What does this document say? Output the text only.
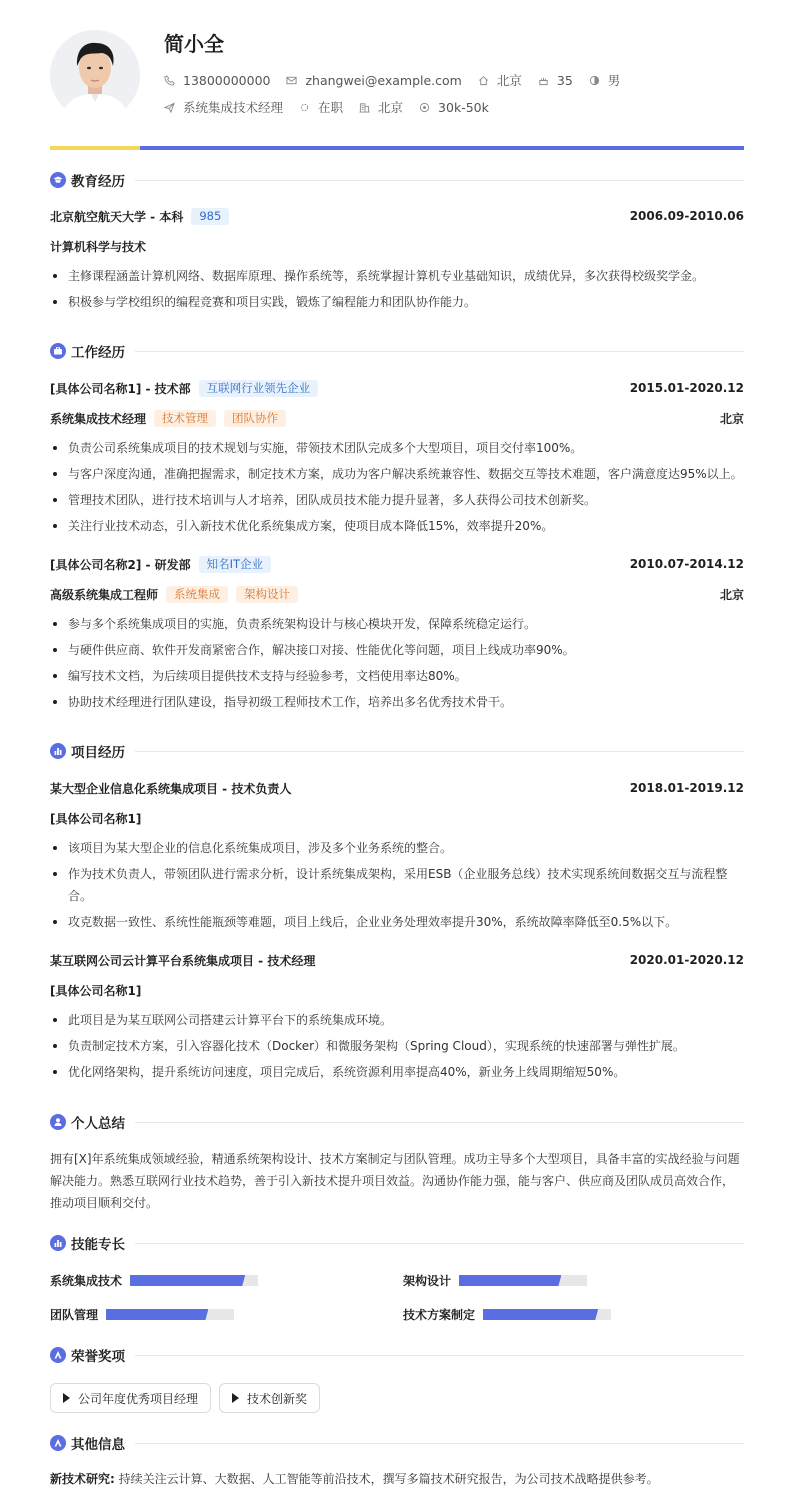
简小全
13800000000	zhangwei@example.com	北京	35	男
系统集成技术经理	在职	北京	30k-50k
教育经历
北京航空航天大学 - 本科	985	2006.09-2010.06
计算机科学与技术
主修课程涵盖计算机网络、数据库原理、操作系统等，系统掌握计算机专业基础知识，成绩优异，多次获得校级奖学金。
积极参与学校组织的编程竞赛和项目实践，锻炼了编程能力和团队协作能力。
工作经历
[具体公司名称1] - 技术部	互联网行业领先企业	2015.01-2020.12
系统集成技术经理	技术管理	团队协作	北京
负责公司系统集成项目的技术规划与实施，带领技术团队完成多个大型项目，项目交付率100%。
与客户深度沟通，准确把握需求，制定技术方案，成功为客户解决系统兼容性、数据交互等技术难题，客户满意度达95%以上。
管理技术团队，进行技术培训与人才培养，团队成员技术能力提升显著，多人获得公司技术创新奖。
关注行业技术动态，引入新技术优化系统集成方案，使项目成本降低15%，效率提升20%。
[具体公司名称2] - 研发部	知名IT企业	2010.07-2014.12
高级系统集成工程师	系统集成	架构设计	北京
参与多个系统集成项目的实施，负责系统架构设计与核心模块开发，保障系统稳定运行。
与硬件供应商、软件开发商紧密合作，解决接口对接、性能优化等问题，项目上线成功率90%。
编写技术文档，为后续项目提供技术支持与经验参考，文档使用率达80%。
协助技术经理进行团队建设，指导初级工程师技术工作，培养出多名优秀技术骨干。
项目经历
某大型企业信息化系统集成项目 - 技术负责人	2018.01-2019.12
[具体公司名称1]
该项目为某大型企业的信息化系统集成项目，涉及多个业务系统的整合。
作为技术负责人，带领团队进行需求分析，设计系统集成架构，采用ESB（企业服务总线）技术实现系统间数据交互与流程整合。
攻克数据一致性、系统性能瓶颈等难题，项目上线后，企业业务处理效率提升30%，系统故障率降低至0.5%以下。
某互联网公司云计算平台系统集成项目 - 技术经理	2020.01-2020.12
[具体公司名称1]
此项目是为某互联网公司搭建云计算平台下的系统集成环境。
负责制定技术方案，引入容器化技术（Docker）和微服务架构（Spring Cloud），实现系统的快速部署与弹性扩展。
优化网络架构，提升系统访问速度，项目完成后，系统资源利用率提高40%，新业务上线周期缩短50%。
个人总结
拥有[X]年系统集成领域经验，精通系统架构设计、技术方案制定与团队管理。成功主导多个大型项目，具备丰富的实战经验与问题解决能力。熟悉互联网行业技术趋势，善于引入新技术提升项目效益。沟通协作能力强，能与客户、供应商及团队成员高效合作，推动项目顺利交付。
技能专长
系统集成技术	架构设计
团队管理	技术方案制定
荣誉奖项
公司年度优秀项目经理	技术创新奖
其他信息
新技术研究: 持续关注云计算、大数据、人工智能等前沿技术，撰写多篇技术研究报告，为公司技术战略提供参考。
